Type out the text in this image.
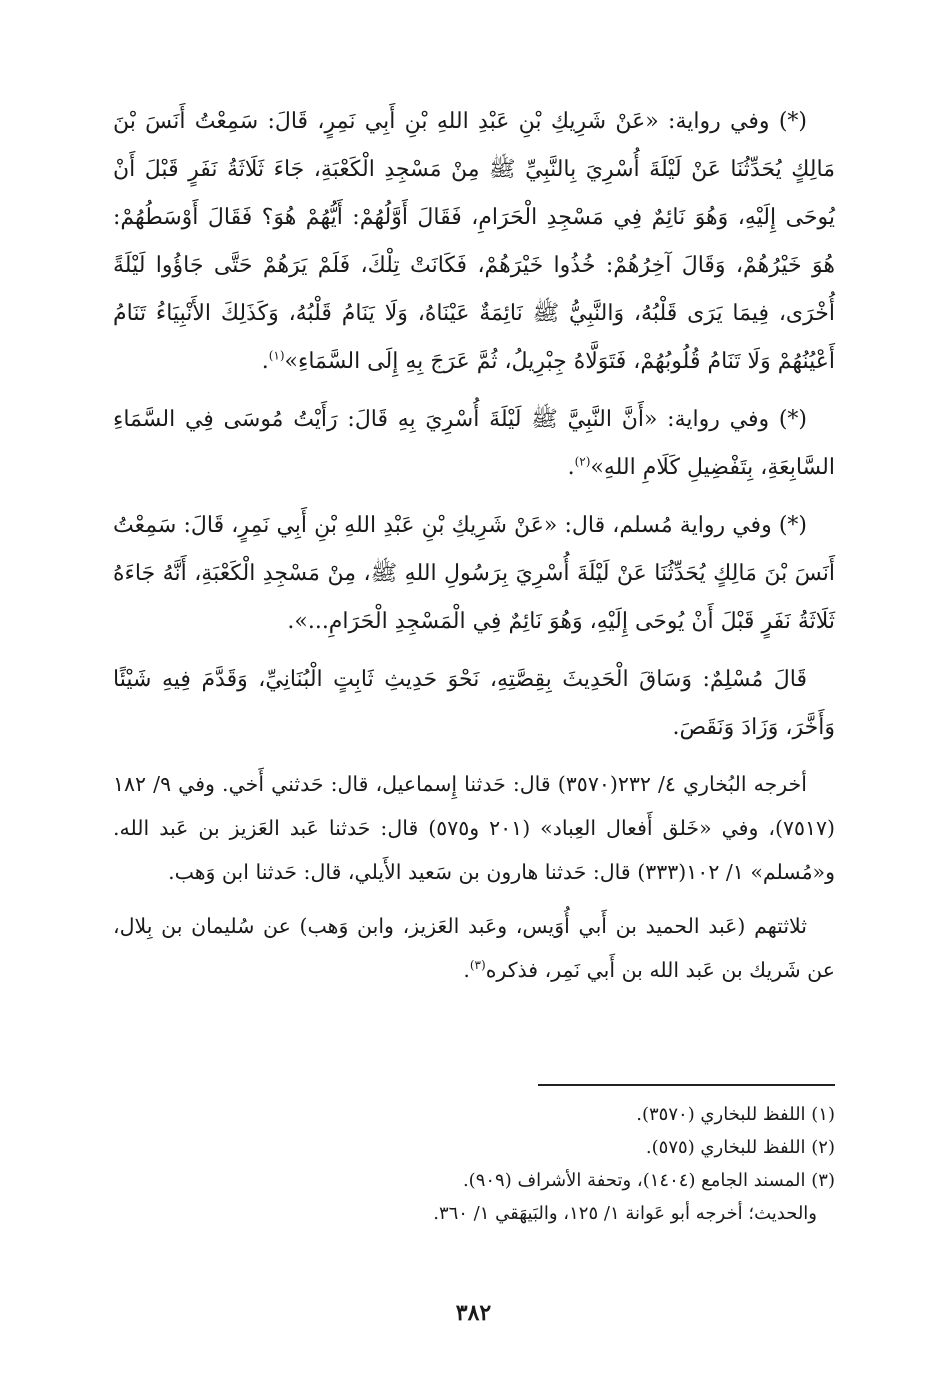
(*) وفي رواية: «عَنْ شَرِيكِ بْنِ عَبْدِ اللهِ بْنِ أَبِي نَمِرٍ، قَالَ: سَمِعْتُ أَنَسَ بْنَ مَالِكٍ يُحَدِّثُنَا عَنْ لَيْلَةَ أُسْرِيَ بِالنَّبِيِّ ﷺ مِنْ مَسْجِدِ الْكَعْبَةِ، جَاءَ ثَلَاثَةُ نَفَرٍ قَبْلَ أَنْ يُوحَى إِلَيْهِ، وَهُوَ نَائِمٌ فِي مَسْجِدِ الْحَرَامِ، فَقَالَ أَوَّلُهُمْ: أَيُّهُمْ هُوَ؟ فَقَالَ أَوْسَطُهُمْ: هُوَ خَيْرُهُمْ، وَقَالَ آخِرُهُمْ: خُذُوا خَيْرَهُمْ، فَكَانَتْ تِلْكَ، فَلَمْ يَرَهُمْ حَتَّى جَاؤُوا لَيْلَةً أُخْرَى، فِيمَا يَرَى قَلْبُهُ، وَالنَّبِيُّ ﷺ نَائِمَةٌ عَيْنَاهُ، وَلَا يَنَامُ قَلْبُهُ، وَكَذَلِكَ الأَنْبِيَاءُ تَنَامُ أَعْيُنُهُمْ وَلَا تَنَامُ قُلُوبُهُمْ، فَتَوَلَّاهُ جِبْرِيلُ، ثُمَّ عَرَجَ بِهِ إِلَى السَّمَاءِ»$^{(١)}$.

(*) وفي رواية: «أَنَّ النَّبِيَّ ﷺ لَيْلَةَ أُسْرِيَ بِهِ قَالَ: رَأَيْتُ مُوسَى فِي السَّمَاءِ السَّابِعَةِ، بِتَفْضِيلِ كَلَامِ اللهِ»$^{(٢)}$.

(*) وفي رواية مُسلم، قال: «عَنْ شَرِيكِ بْنِ عَبْدِ اللهِ بْنِ أَبِي نَمِرٍ، قَالَ: سَمِعْتُ أَنَسَ بْنَ مَالِكٍ يُحَدِّثُنَا عَنْ لَيْلَةَ أُسْرِيَ بِرَسُولِ اللهِ ﷺ، مِنْ مَسْجِدِ الْكَعْبَةِ، أَنَّهُ جَاءَهُ ثَلَاثَةُ نَفَرٍ قَبْلَ أَنْ يُوحَى إِلَيْهِ، وَهُوَ نَائِمٌ فِي الْمَسْجِدِ الْحَرَامِ...».

قَالَ مُسْلِمٌ: وَسَاقَ الْحَدِيثَ بِقِصَّتِهِ، نَحْوَ حَدِيثِ ثَابِتٍ الْبُنَانِيِّ، وَقَدَّمَ فِيهِ شَيْئًا وَأَخَّرَ، وَزَادَ وَنَقَصَ.

أخرجه البُخاري ٤/ ٢٣٢(٣٥٧٠) قال: حَدثنا إِسماعيل، قال: حَدثني أَخي. وفي ٩/ ١٨٢ (٧٥١٧)، وفي «خَلق أَفعال العِباد» (٢٠١ و٥٧٥) قال: حَدثنا عَبد العَزيز بن عَبد الله. و«مُسلم» ١/ ١٠٢(٣٣٣) قال: حَدثنا هارون بن سَعيد الأَيلي، قال: حَدثنا ابن وَهب.

ثلاثتهم (عَبد الحميد بن أَبي أُوَيس، وعَبد العَزيز، وابن وَهب) عن سُليمان بن بِلال، عن شَريك بن عَبد الله بن أَبي نَمِر، فذكره$^{(٣)}$.

(١) اللفظ للبخاري (٣٥٧٠).

(٢) اللفظ للبخاري (٥٧٥).

(٣) المسند الجامع (١٤٠٤)، وتحفة الأشراف (٩٠٩).

والحديث؛ أخرجه أبو عَوانة ١/ ١٢٥، والبَيهَقي ١/ ٣٦٠.

٣٨٢
